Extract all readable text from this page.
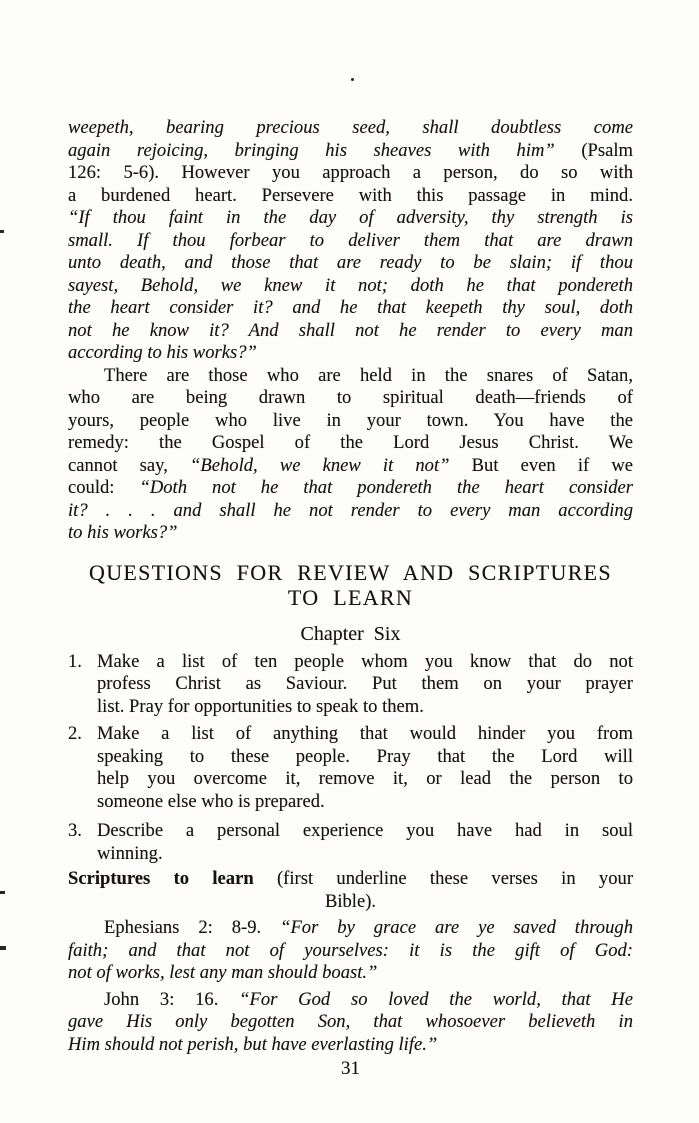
weepeth, bearing precious seed, shall doubtless come
again rejoicing, bringing his sheaves with him” (Psalm
126: 5-6). However you approach a person, do so with
a burdened heart. Persevere with this passage in mind.
“If thou faint in the day of adversity, thy strength is
small. If thou forbear to deliver them that are drawn
unto death, and those that are ready to be slain; if thou
sayest, Behold, we knew it not; doth he that pondereth
the heart consider it? and he that keepeth thy soul, doth
not he know it? And shall not he render to every man
according to his works?”
There are those who are held in the snares of Satan,
who are being drawn to spiritual death—friends of
yours, people who live in your town. You have the
remedy: the Gospel of the Lord Jesus Christ. We
cannot say, “Behold, we knew it not” But even if we
could: “Doth not he that pondereth the heart consider
it? . . . and shall he not render to every man according
to his works?”
QUESTIONS FOR REVIEW AND SCRIPTURES
TO LEARN
Chapter Six
1. Make a list of ten people whom you know that do not
profess Christ as Saviour. Put them on your prayer
list. Pray for opportunities to speak to them.
2. Make a list of anything that would hinder you from
speaking to these people. Pray that the Lord will
help you overcome it, remove it, or lead the person to
someone else who is prepared.
3. Describe a personal experience you have had in soul
winning.
Scriptures to learn (first underline these verses in your
Bible).
Ephesians 2: 8-9. “For by grace are ye saved through
faith; and that not of yourselves: it is the gift of God:
not of works, lest any man should boast.”
John 3: 16. “For God so loved the world, that He
gave His only begotten Son, that whosoever believeth in
Him should not perish, but have everlasting life.”
31
